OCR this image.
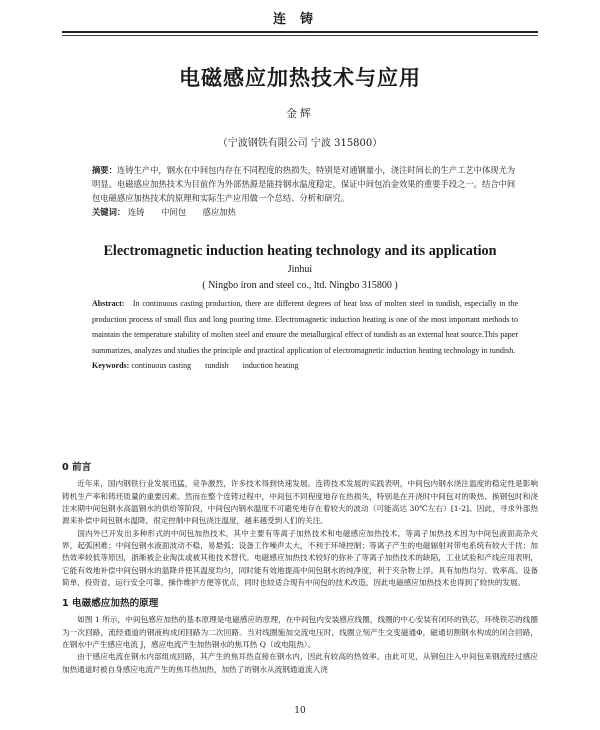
连铸
电磁感应加热技术与应用
金辉
（宁波钢铁有限公司 宁波 315800）
摘要：连铸生产中，钢水在中间包内存在不同程度的热损失，特别是对通钢量小，浇注时间长的生产工艺中体现尤为明显。电磁感应加热技术为目前作为外部热源是能持钢水温度稳定，保证中间包冶金效果的重要手段之一。结合中间包电磁感应加热技术的原理和实际生产应用做一个总结、分析和研究。
关键词： 连铸 中间包 感应加热
Electromagnetic induction heating technology and its application
Jinhui
( Ningbo iron and steel co., ltd. Ningbo 315800 )
Abstract: In continuous casting production, there are different degrees of heat loss of molten steel in tundish, especially in the production process of small flux and long pouring time. Electromagnetic induction heating is one of the most important methods to maintain the temperature stability of molten steel and ensure the metallurgical effect of tundish as an external heat source.This paper summarizes, analyzes and studies the principle and practical application of electromagnetic induction heating technology in tundish.
Keywords: continuous casting tundish induction heating
0 前言

近年来，国内钢铁行业发展迅猛，竞争激烈，许多技术得到快速发展。连铸技术发展的实践表明，中间包内钢水浇注温度的稳定性是影响铸机生产率和铸坯质量的重要因素。然而在整个连铸过程中，中间包不同程度地存在热损失，特别是在开浇时中间包对的吸热、换钢包时和浇注末期中间包钢水高温钢水的供给等阶段，中间包内钢水温度不可避免地存在着较大的波动（可能高达 30℃左右）[1-2]。因此，寻求外部热源来补偿中间包钢水温降，很定控制中间包浇注温度，越来越受到人们的关注。

国内外已开发出多种形式的中间包加热技术，其中主要有等离子加热技术和电磁感应加热技术。等离子加热技术因为中间包液面高杂火界，起弧困难；中间包钢水液面波动不稳，易悬弧；设备工作噪声太大，不利于环境控制；等离子产生的电磁辐射对带电系统有较大干扰；加热效率较低等原因，浙渐被企业淘汰或被其他技术替代。电磁感应加热技术较好的弥补了等离子加热技术的缺陷，工业试验和产线应用表明，它能有效地补偿中间包钢水的温降并使其温度均匀，同时能有效地提高中间包钢水的纯净度，利于夹杂物上浮。具有加热均匀、效率高、设备简单，投资省，运行安全可靠，操作维护方便等优点，同时也较适合现有中间包的技术改造，因此电磁感应加热技术也得到了较快的发展。

1 电磁感应加热的原理

如图 1 所示，中间包感应加热的基本原理是电磁感应的原理，在中间包内安装感应线圈，线圈的中心安装有闭环的铁芯，环绕铁芯的线圈为一次回路，流经通道的钢液构成闭回路为二次回路。当对线圈施加交流电压时，线圈立刻产生交变磁通Φ，磁通切割钢水构成的闭合回路，在钢水中产生感应电流 J，感应电流产生加热钢水的焦耳热 Q（或电阻热）。

由于感应电流在钢水内部组成回路，其产生的焦耳热直接在钢水内，因此有较高的热效率。由此可见，从钢包注入中间包来钢流经过感应加热通道时被自身感应电流产生的焦耳热加热，加热了的钢水从流钢通道流入浇

10
